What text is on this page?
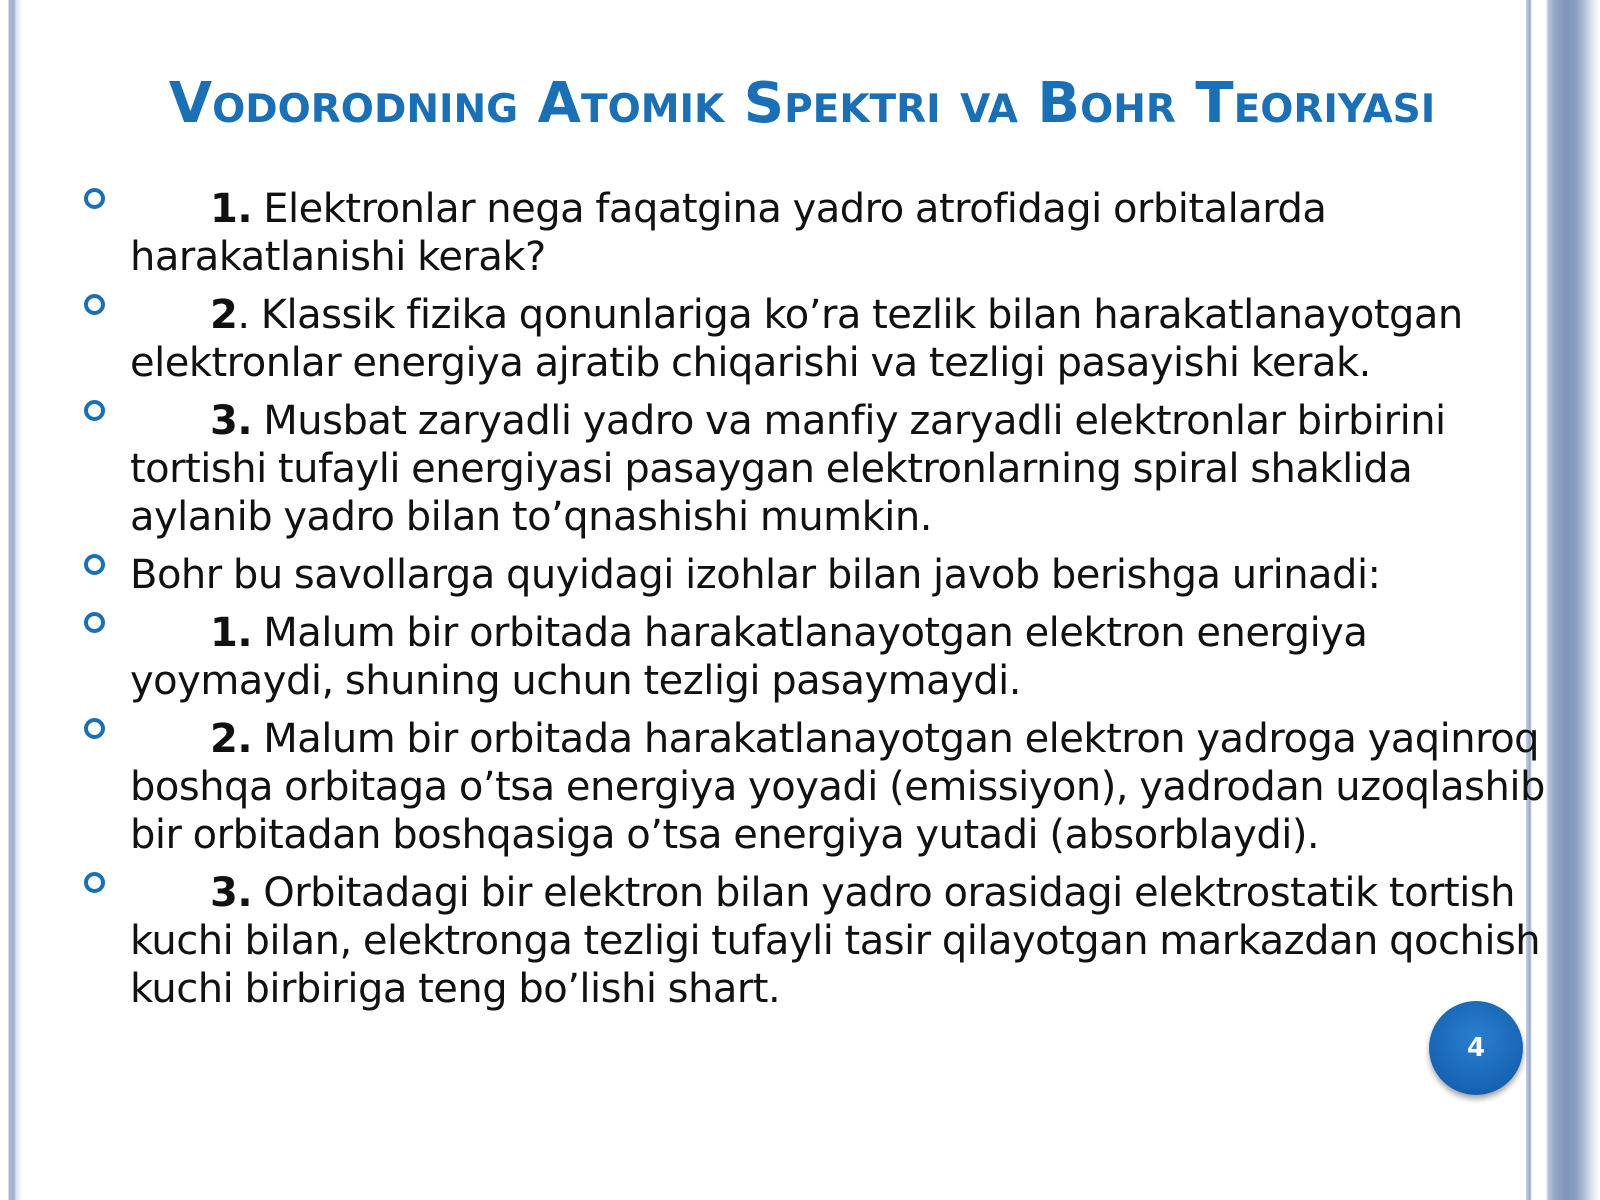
Vodorodning Atomik Spektri va Bohr Teoriyasi
1. Elektronlar nega faqatgina yadro atrofidagi orbitalarda harakatlanishi kerak?
2. Klassik fizika qonunlariga ko’ra tezlik bilan harakatlanayotgan elektronlar energiya ajratib chiqarishi va tezligi pasayishi kerak.
3. Musbat zaryadli yadro va manfiy zaryadli elektronlar birbirini tortishi tufayli energiyasi pasaygan elektronlarning spiral shaklida aylanib yadro bilan to’qnashishi mumkin.
Bohr bu savollarga quyidagi izohlar bilan javob berishga urinadi:
1. Malum bir orbitada harakatlanayotgan elektron energiya yoymaydi, shuning uchun tezligi pasaymaydi.
2. Malum bir orbitada harakatlanayotgan elektron yadroga yaqinroq boshqa orbitaga o’tsa energiya yoyadi (emissiyon), yadrodan uzoqlashib bir orbitadan boshqasiga o’tsa energiya yutadi (absorblaydi).
3. Orbitadagi bir elektron bilan yadro orasidagi elektrostatik tortish kuchi bilan, elektronga tezligi tufayli tasir qilayotgan markazdan qochish kuchi birbiriga teng bo’lishi shart.
4
